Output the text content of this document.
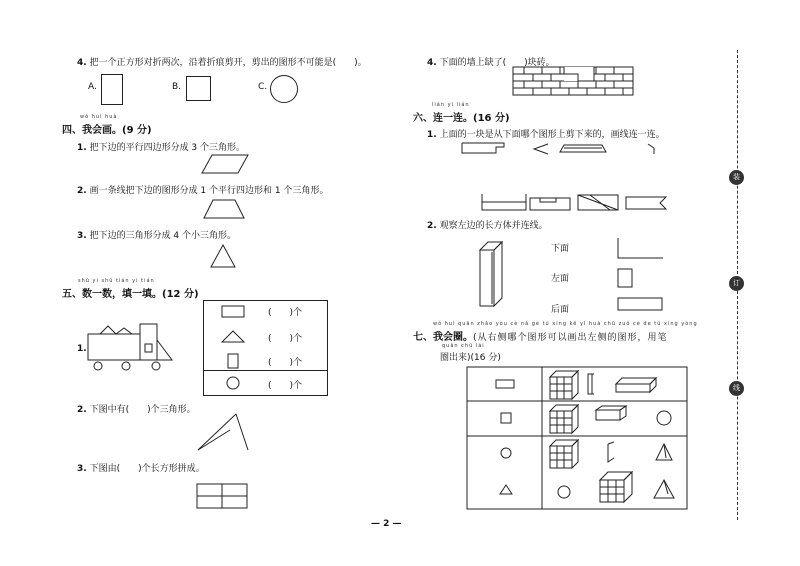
4. 把一个正方形对折两次，沿着折痕剪开，剪出的图形不可能是(　　)。
A.	B.	C.
wǒ huì huà
四、我会画。(9 分)
1. 把下边的平行四边形分成 3 个三角形。
2. 画一条线把下边的图形分成 1 个平行四边形和 1 个三角形。
3. 把下边的三角形分成 4 个小三角形。
shǔ yi shǔ tián yi tián
五、数一数，填一填。(12 分)
1.
(　　)个
(　　)个
(　　)个
(　　)个
2. 下图中有(　　)个三角形。
3. 下图由(　　)个长方形拼成。
4. 下面的墙上缺了(　　)块砖。
lián yi lián
六、连一连。(16 分)
1. 上面的一块是从下面哪个图形上剪下来的，画线连一连。
2. 观察左边的长方体并连线。
下面
左面
后面
wǒ huì quān zhǎo yòu cè nǎ gè tú xíng kě yǐ huà chū zuǒ cè de tú xíng yòng
七、我会圈。(从右侧哪个图形可以画出左侧的图形，用笔
quān chū lái
圈出来)(16 分)
— 2 —
装
订
线
